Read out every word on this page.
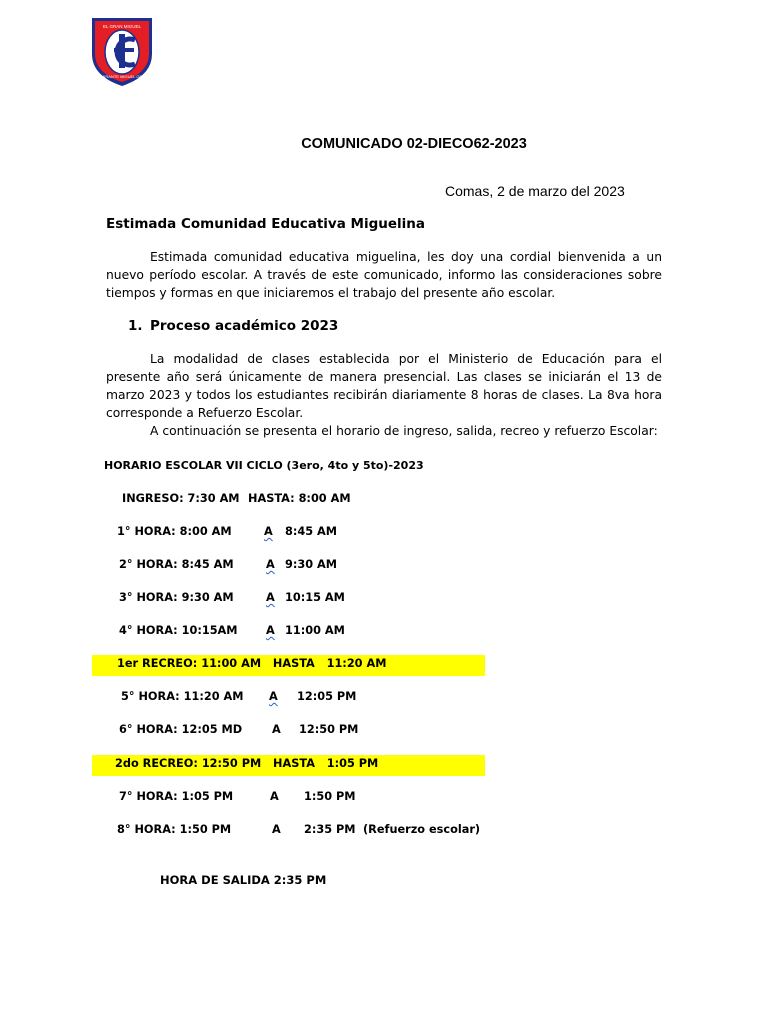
EL GRAN MIGUEL
ALMIRANTE MIGUEL GRAU
COMUNICADO 02-DIECO62-2023
Comas, 2 de marzo del 2023
Estimada Comunidad Educativa Miguelina
Estimada comunidad educativa miguelina, les doy una cordial bienvenida a un nuevo período escolar. A través de este comunicado, informo las consideraciones sobre tiempos y formas en que iniciaremos el trabajo del presente año escolar.
1. Proceso académico 2023
La modalidad de clases establecida por el Ministerio de Educación para el presente año será únicamente de manera presencial. Las clases se iniciarán el 13 de marzo 2023 y todos los estudiantes recibirán diariamente 8 horas de clases. La 8va hora corresponde a Refuerzo Escolar.
A continuación se presenta el horario de ingreso, salida, recreo y refuerzo Escolar:
HORARIO ESCOLAR VII CICLO (3ero, 4to y 5to)-2023
INGRESO: 7:30 AM HASTA: 8:00 AM
1° HORA: 8:00 AM	A 8:45 AM
2° HORA: 8:45 AM	A 9:30 AM
3° HORA: 9:30 AM	A 10:15 AM
4° HORA: 10:15AM	A 11:00 AM
1er RECREO: 11:00 AM   HASTA   11:20 AM
5° HORA: 11:20 AM A 12:05 PM
6° HORA: 12:05 MD	A 12:50 PM
2do RECREO: 12:50 PM   HASTA   1:05 PM
7° HORA: 1:05 PM	A 1:50 PM
8° HORA: 1:50 PM	A 2:35 PM (Refuerzo escolar)
HORA DE SALIDA 2:35 PM
